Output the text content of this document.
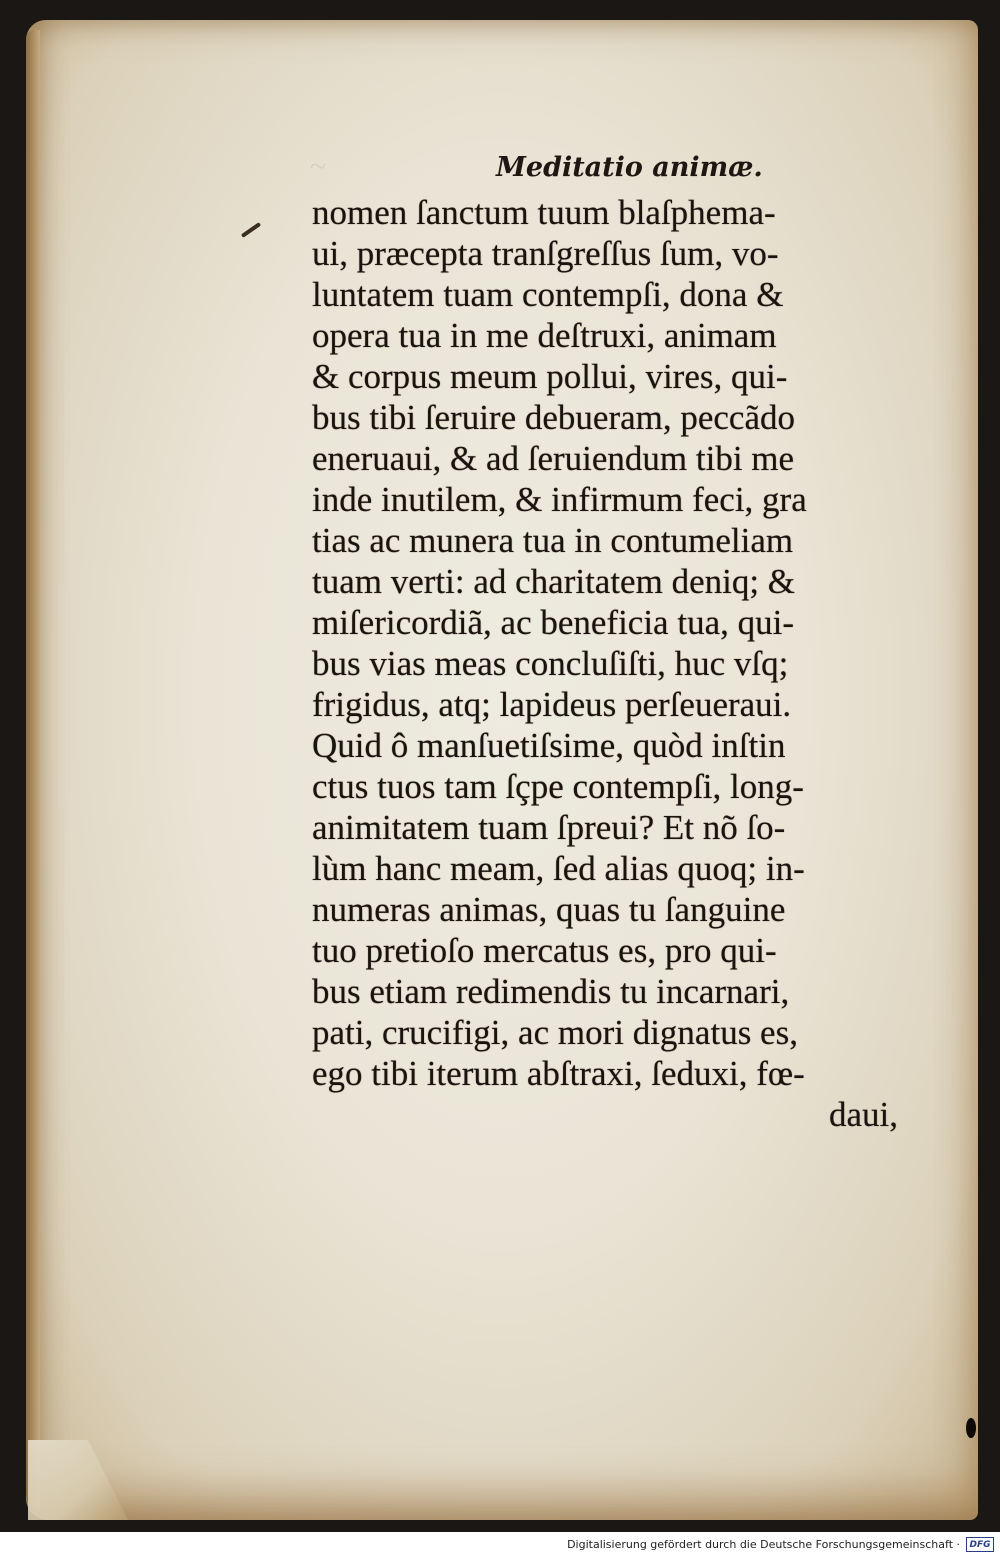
~	Meditatio animæ.
nomen ſanctum tuum blaſphema-
ui, præcepta tranſgreſſus ſum, vo-
luntatem tuam contempſi, dona &
opera tua in me deſtruxi, animam
& corpus meum pollui, vires, qui-
bus tibi ſeruire debueram, peccãdo
eneruaui, & ad ſeruiendum tibi me
inde inutilem, & infirmum feci, gra
tias ac munera tua in contumeliam
tuam verti: ad charitatem deniq; &
miſericordiã, ac beneficia tua, qui-
bus vias meas concluſiſti, huc vſq;
frigidus, atq; lapideus perſeueraui.
Quid ô manſuetiſsime, quòd inſtin
ctus tuos tam ſçpe contempſi, long-
animitatem tuam ſpreui? Et nõ ſo-
lùm hanc meam, ſed alias quoq; in-
numeras animas, quas tu ſanguine
tuo pretioſo mercatus es, pro qui-
bus etiam redimendis tu incarnari,
pati, crucifigi, ac mori dignatus es,
ego tibi iterum abſtraxi, ſeduxi, fœ-
daui,
Digitalisierung gefördert durch die Deutsche Forschungsgemeinschaft ·	DFG
